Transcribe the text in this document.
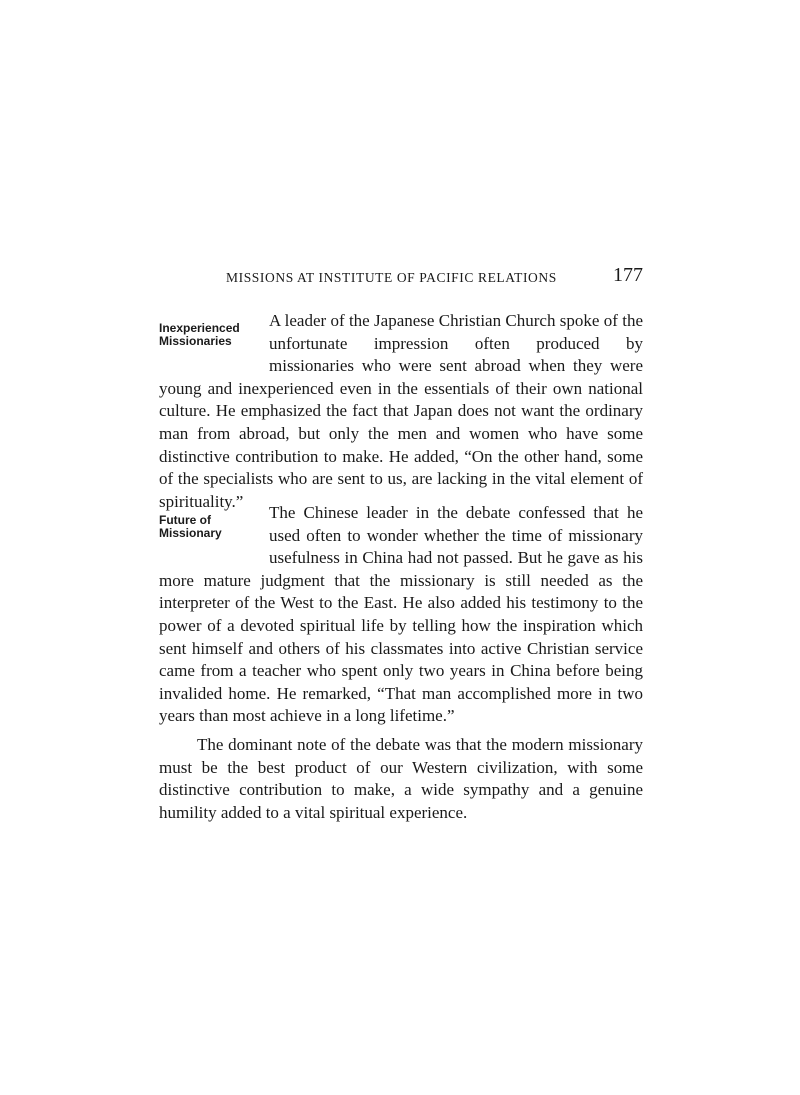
MISSIONS AT INSTITUTE OF PACIFIC RELATIONS	177
Inexperienced
Missionaries

A leader of the Japanese Christian Church spoke of the unfortunate impression often produced by missionaries who were sent abroad when they were young and inexperienced even in the essentials of their own national culture. He emphasized the fact that Japan does not want the ordinary man from abroad, but only the men and women who have some distinctive contribution to make. He added, “On the other hand, some of the specialists who are sent to us, are lacking in the vital element of spirituality.”

Future of
Missionary

The Chinese leader in the debate confessed that he used often to wonder whether the time of missionary usefulness in China had not passed. But he gave as his more mature judgment that the missionary is still needed as the interpreter of the West to the East. He also added his testimony to the power of a devoted spiritual life by telling how the inspiration which sent himself and others of his classmates into active Christian service came from a teacher who spent only two years in China before being invalided home. He remarked, “That man accomplished more in two years than most achieve in a long lifetime.”

The dominant note of the debate was that the modern missionary must be the best product of our Western civilization, with some distinctive contribution to make, a wide sympathy and a genuine humility added to a vital spiritual experience.
